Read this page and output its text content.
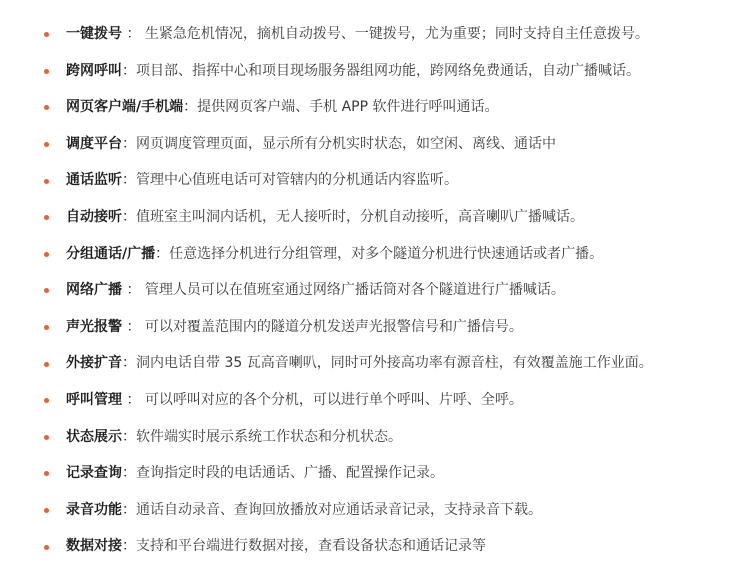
一键拨号 ： 生紧急危机情况，摘机自动拨号、一键拨号，尤为重要；同时支持自主任意拨号。
跨网呼叫：项目部、指挥中心和项目现场服务器组网功能，跨网络免费通话，自动广播喊话。
网页客户端/手机端：提供网页客户端、手机 APP 软件进行呼叫通话。
调度平台：网页调度管理页面，显示所有分机实时状态，如空闲、离线、通话中
通话监听：管理中心值班电话可对管辖内的分机通话内容监听。
自动接听：值班室主叫洞内话机，无人接听时，分机自动接听，高音喇叭广播喊话。
分组通话/广播：任意选择分机进行分组管理，对多个隧道分机进行快速通话或者广播。
网络广播 ： 管理人员可以在值班室通过网络广播话筒对各个隧道进行广播喊话。
声光报警 ： 可以对覆盖范围内的隧道分机发送声光报警信号和广播信号。
外接扩音：洞内电话自带 35 瓦高音喇叭，同时可外接高功率有源音柱，有效覆盖施工作业面。
呼叫管理 ： 可以呼叫对应的各个分机，可以进行单个呼叫、片呼、全呼。
状态展示：软件端实时展示系统工作状态和分机状态。
记录查询：查询指定时段的电话通话、广播、配置操作记录。
录音功能：通话自动录音、查询回放播放对应通话录音记录，支持录音下载。
数据对接：支持和平台端进行数据对接，查看设备状态和通话记录等
